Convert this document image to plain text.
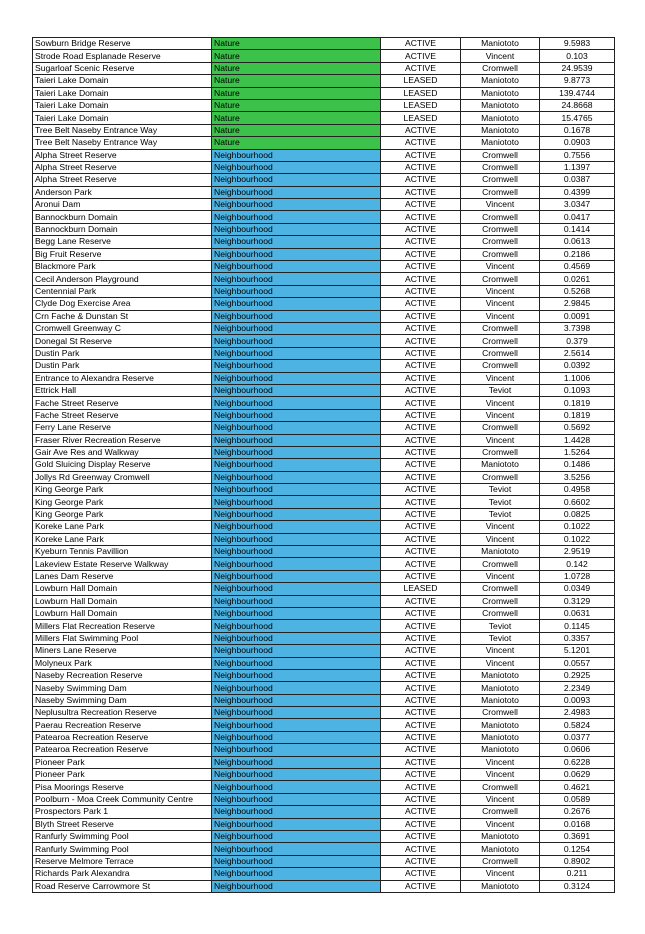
Sowburn Bridge Reserve	Nature	ACTIVE	Maniototo	9.5983
Strode Road Esplanade Reserve	Nature	ACTIVE	Vincent	0.103
Sugarloaf Scenic Reserve	Nature	ACTIVE	Cromwell	24.9539
Taieri Lake Domain	Nature	LEASED	Maniototo	9.8773
Taieri Lake Domain	Nature	LEASED	Maniototo	139.4744
Taieri Lake Domain	Nature	LEASED	Maniototo	24.8668
Taieri Lake Domain	Nature	LEASED	Maniototo	15.4765
Tree Belt Naseby Entrance Way	Nature	ACTIVE	Maniototo	0.1678
Tree Belt Naseby Entrance Way	Nature	ACTIVE	Maniototo	0.0903
Alpha Street Reserve	Neighbourhood	ACTIVE	Cromwell	0.7556
Alpha Street Reserve	Neighbourhood	ACTIVE	Cromwell	1.1397
Alpha Street Reserve	Neighbourhood	ACTIVE	Cromwell	0.0387
Anderson Park	Neighbourhood	ACTIVE	Cromwell	0.4399
Aronui Dam	Neighbourhood	ACTIVE	Vincent	3.0347
Bannockburn Domain	Neighbourhood	ACTIVE	Cromwell	0.0417
Bannockburn Domain	Neighbourhood	ACTIVE	Cromwell	0.1414
Begg Lane Reserve	Neighbourhood	ACTIVE	Cromwell	0.0613
Big Fruit Reserve	Neighbourhood	ACTIVE	Cromwell	0.2186
Blackmore Park	Neighbourhood	ACTIVE	Vincent	0.4569
Cecil Anderson Playground	Neighbourhood	ACTIVE	Cromwell	0.0261
Centennial Park	Neighbourhood	ACTIVE	Vincent	0.5268
Clyde Dog Exercise Area	Neighbourhood	ACTIVE	Vincent	2.9845
Crn Fache & Dunstan St	Neighbourhood	ACTIVE	Vincent	0.0091
Cromwell Greenway C	Neighbourhood	ACTIVE	Cromwell	3.7398
Donegal St Reserve	Neighbourhood	ACTIVE	Cromwell	0.379
Dustin Park	Neighbourhood	ACTIVE	Cromwell	2.5614
Dustin Park	Neighbourhood	ACTIVE	Cromwell	0.0392
Entrance to Alexandra Reserve	Neighbourhood	ACTIVE	Vincent	1.1006
Ettrick Hall	Neighbourhood	ACTIVE	Teviot	0.1093
Fache Street Reserve	Neighbourhood	ACTIVE	Vincent	0.1819
Fache Street Reserve	Neighbourhood	ACTIVE	Vincent	0.1819
Ferry Lane Reserve	Neighbourhood	ACTIVE	Cromwell	0.5692
Fraser River Recreation Reserve	Neighbourhood	ACTIVE	Vincent	1.4428
Gair Ave Res and Walkway	Neighbourhood	ACTIVE	Cromwell	1.5264
Gold Sluicing Display Reserve	Neighbourhood	ACTIVE	Maniototo	0.1486
Jollys Rd Greenway Cromwell	Neighbourhood	ACTIVE	Cromwell	3.5256
King George Park	Neighbourhood	ACTIVE	Teviot	0.4958
King George Park	Neighbourhood	ACTIVE	Teviot	0.6602
King George Park	Neighbourhood	ACTIVE	Teviot	0.0825
Koreke Lane Park	Neighbourhood	ACTIVE	Vincent	0.1022
Koreke Lane Park	Neighbourhood	ACTIVE	Vincent	0.1022
Kyeburn Tennis Pavillion	Neighbourhood	ACTIVE	Maniototo	2.9519
Lakeview Estate Reserve Walkway	Neighbourhood	ACTIVE	Cromwell	0.142
Lanes Dam Reserve	Neighbourhood	ACTIVE	Vincent	1.0728
Lowburn Hall Domain	Neighbourhood	LEASED	Cromwell	0.0349
Lowburn Hall Domain	Neighbourhood	ACTIVE	Cromwell	0.3129
Lowburn Hall Domain	Neighbourhood	ACTIVE	Cromwell	0.0631
Millers Flat Recreation Reserve	Neighbourhood	ACTIVE	Teviot	0.1145
Millers Flat Swimming Pool	Neighbourhood	ACTIVE	Teviot	0.3357
Miners Lane Reserve	Neighbourhood	ACTIVE	Vincent	5.1201
Molyneux Park	Neighbourhood	ACTIVE	Vincent	0.0557
Naseby Recreation Reserve	Neighbourhood	ACTIVE	Maniototo	0.2925
Naseby Swimming Dam	Neighbourhood	ACTIVE	Maniototo	2.2349
Naseby Swimming Dam	Neighbourhood	ACTIVE	Maniototo	0.0093
Neplusultra Recreation Reserve	Neighbourhood	ACTIVE	Cromwell	2.4983
Paerau Recreation Reserve	Neighbourhood	ACTIVE	Maniototo	0.5824
Patearoa Recreation Reserve	Neighbourhood	ACTIVE	Maniototo	0.0377
Patearoa Recreation Reserve	Neighbourhood	ACTIVE	Maniototo	0.0606
Pioneer Park	Neighbourhood	ACTIVE	Vincent	0.6228
Pioneer Park	Neighbourhood	ACTIVE	Vincent	0.0629
Pisa Moorings Reserve	Neighbourhood	ACTIVE	Cromwell	0.4621
Poolburn - Moa Creek Community Centre	Neighbourhood	ACTIVE	Vincent	0.0589
Prospectors Park 1	Neighbourhood	ACTIVE	Cromwell	0.2676
Blyth Street Reserve	Neighbourhood	ACTIVE	Vincent	0.0168
Ranfurly Swimming Pool	Neighbourhood	ACTIVE	Maniototo	0.3691
Ranfurly Swimming Pool	Neighbourhood	ACTIVE	Maniototo	0.1254
Reserve Melmore Terrace	Neighbourhood	ACTIVE	Cromwell	0.8902
Richards Park Alexandra	Neighbourhood	ACTIVE	Vincent	0.211
Road Reserve Carrowmore St	Neighbourhood	ACTIVE	Maniototo	0.3124
